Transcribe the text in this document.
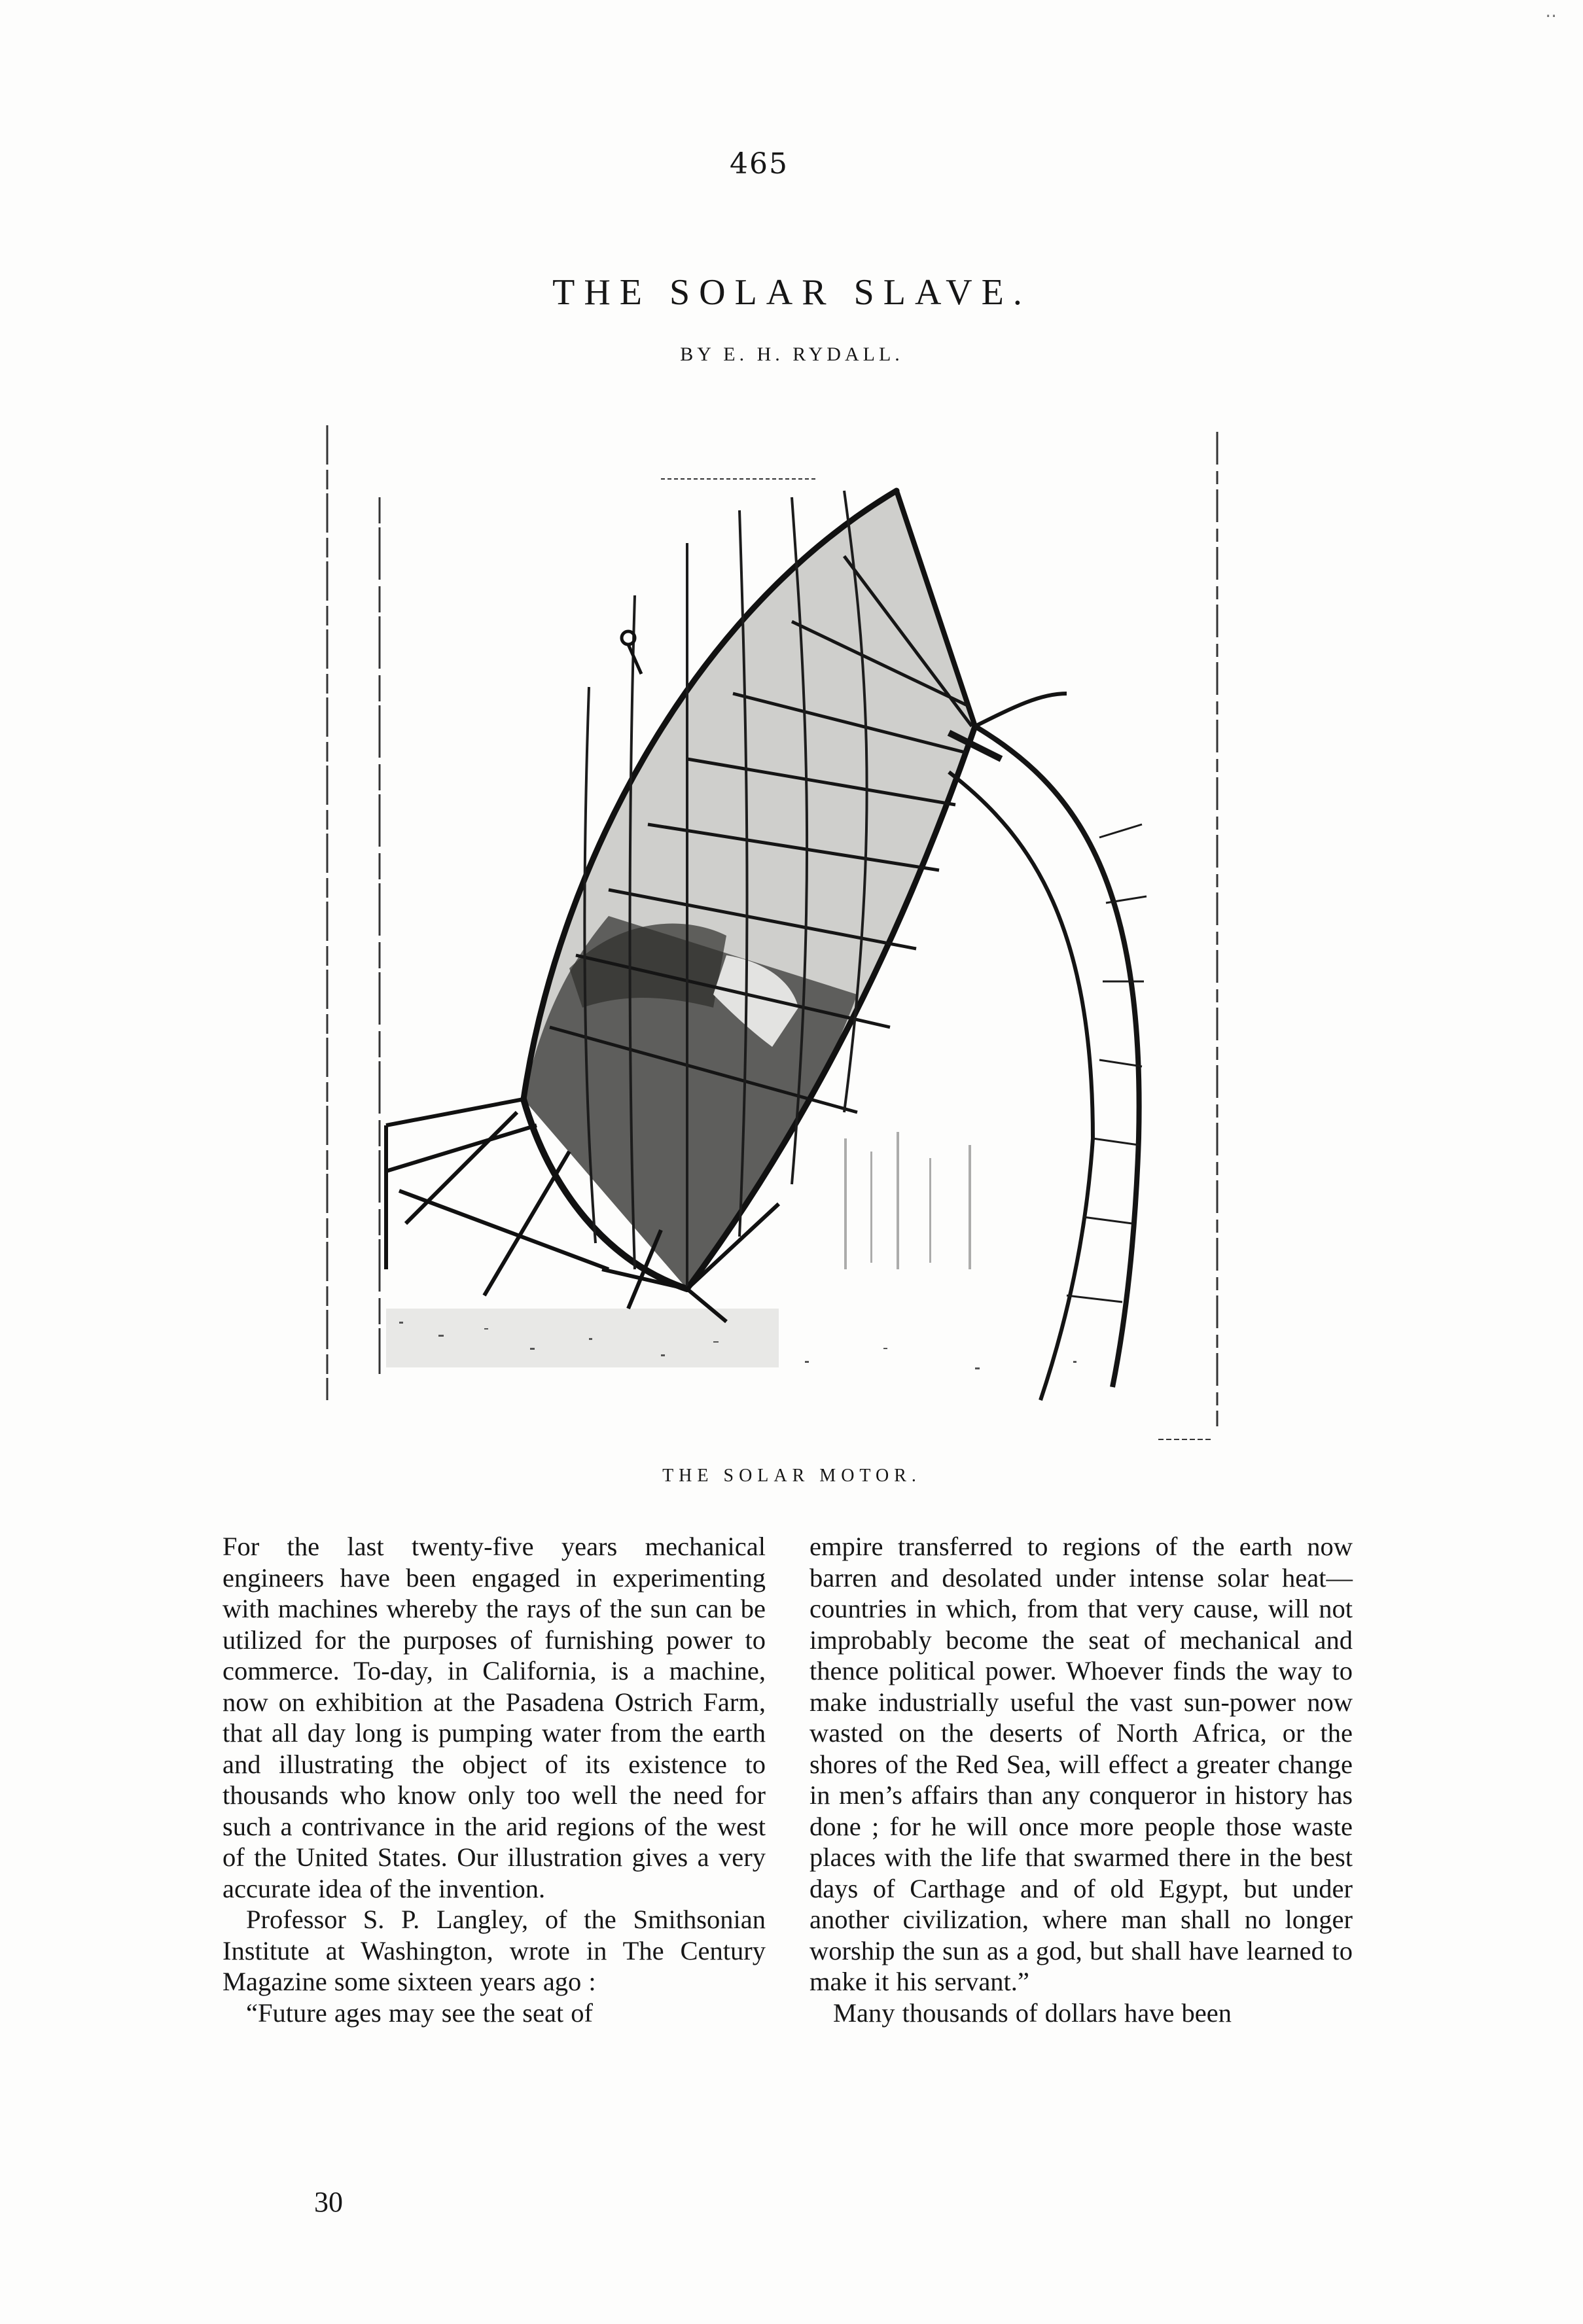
..
465
THE SOLAR SLAVE.
BY E. H. RYDALL.
THE SOLAR MOTOR.

For the last twenty-five years mechanical engineers have been engaged in experimenting with machines whereby the rays of the sun can be utilized for the purposes of furnishing power to commerce. To-day, in California, is a machine, now on exhibition at the Pasadena Ostrich Farm, that all day long is pumping water from the earth and illustrating the object of its existence to thousands who know only too well the need for such a contrivance in the arid regions of the west of the United States. Our illustration gives a very accurate idea of the invention.

Professor S. P. Langley, of the Smithsonian Institute at Washington, wrote in The Century Magazine some sixteen years ago :

“Future ages may see the seat of

empire transferred to regions of the earth now barren and desolated under intense solar heat—countries in which, from that very cause, will not improbably become the seat of mechanical and thence political power. Whoever finds the way to make industrially useful the vast sun-power now wasted on the deserts of North Africa, or the shores of the Red Sea, will effect a greater change in men’s affairs than any conqueror in history has done ; for he will once more people those waste places with the life that swarmed there in the best days of Carthage and of old Egypt, but under another civilization, where man shall no longer worship the sun as a god, but shall have learned to make it his servant.”

Many thousands of dollars have been

30
